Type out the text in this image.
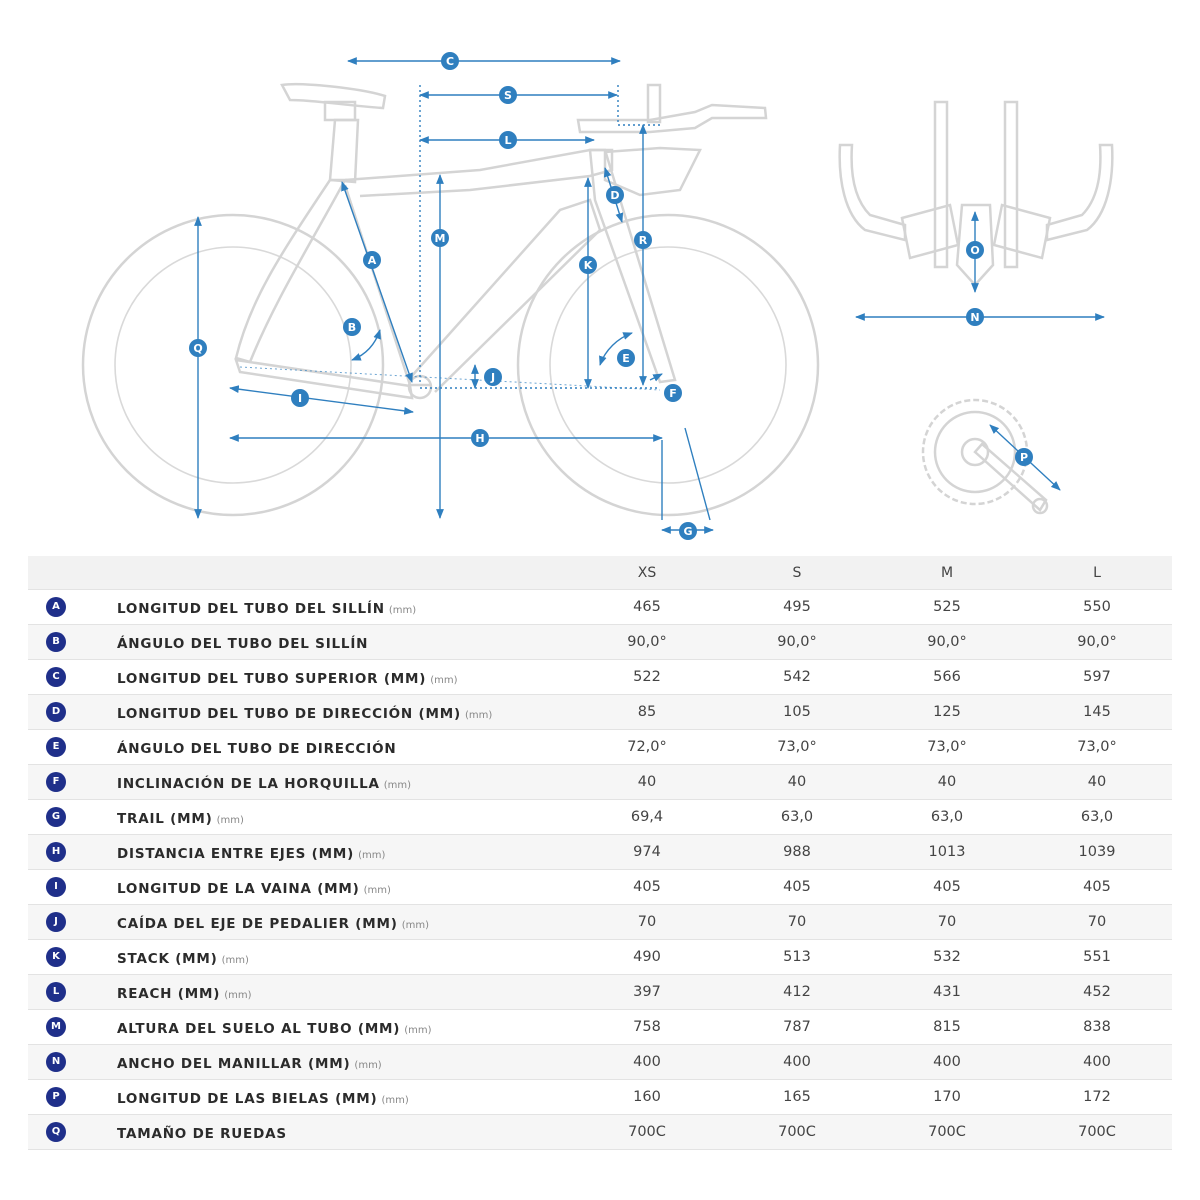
A
B
C
D
E
F
G
H
I
J
K
L
M
N
O
P
Q
R
S
		XS	S	M	L
A	LONGITUD DEL TUBO DEL SILLÍN (mm)	465	495	525	550
B	ÁNGULO DEL TUBO DEL SILLÍN	90,0°	90,0°	90,0°	90,0°
C	LONGITUD DEL TUBO SUPERIOR (MM) (mm)	522	542	566	597
D	LONGITUD DEL TUBO DE DIRECCIÓN (MM) (mm)	85	105	125	145
E	ÁNGULO DEL TUBO DE DIRECCIÓN	72,0°	73,0°	73,0°	73,0°
F	INCLINACIÓN DE LA HORQUILLA (mm)	40	40	40	40
G	TRAIL (MM) (mm)	69,4	63,0	63,0	63,0
H	DISTANCIA ENTRE EJES (MM) (mm)	974	988	1013	1039
I	LONGITUD DE LA VAINA (MM) (mm)	405	405	405	405
J	CAÍDA DEL EJE DE PEDALIER (MM) (mm)	70	70	70	70
K	STACK (MM) (mm)	490	513	532	551
L	REACH (MM) (mm)	397	412	431	452
M	ALTURA DEL SUELO AL TUBO (MM) (mm)	758	787	815	838
N	ANCHO DEL MANILLAR (MM) (mm)	400	400	400	400
P	LONGITUD DE LAS BIELAS (MM) (mm)	160	165	170	172
Q	TAMAÑO DE RUEDAS	700C	700C	700C	700C
